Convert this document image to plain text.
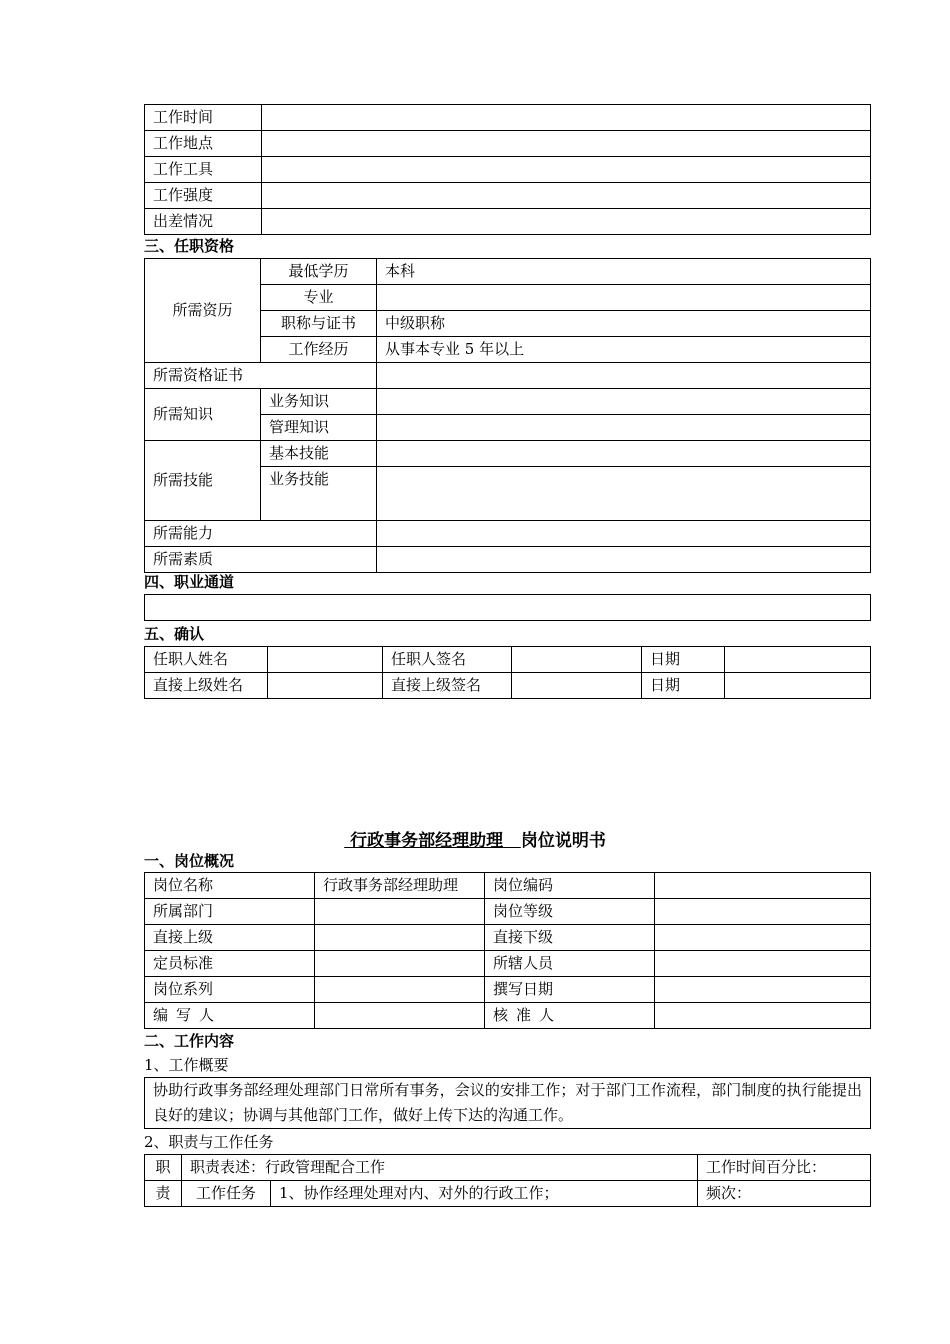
工作时间	
工作地点	
工作工具	
工作强度	
出差情况	
三、任职资格
所需资历	最低学历	本科
	专业	
	职称与证书	中级职称
	工作经历	从事本专业 5 年以上
所需资格证书		
所需知识	业务知识	
	管理知识	
所需技能	基本技能	
	业务技能	
所需能力		
所需素质		
四、职业通道
五、确认
任职人姓名		任职人签名		日期	
直接上级姓名		直接上级签名		日期	
行政事务部经理助理 岗位说明书
一、岗位概况
岗位名称	行政事务部经理助理	岗位编码	
所属部门		岗位等级	
直接上级		直接下级	
定员标准		所辖人员	
岗位系列		撰写日期	
编写人		核准人	
二、工作内容
1、工作概要
协助行政事务部经理处理部门日常所有事务，会议的安排工作；对于部门工作流程，部门制度的执行能提出良好的建议；协调与其他部门工作，做好上传下达的沟通工作。
2、职责与工作任务
职	职责表述：行政管理配合工作		工作时间百分比：
责	工作任务	1、协作经理处理对内、对外的行政工作；	频次：
